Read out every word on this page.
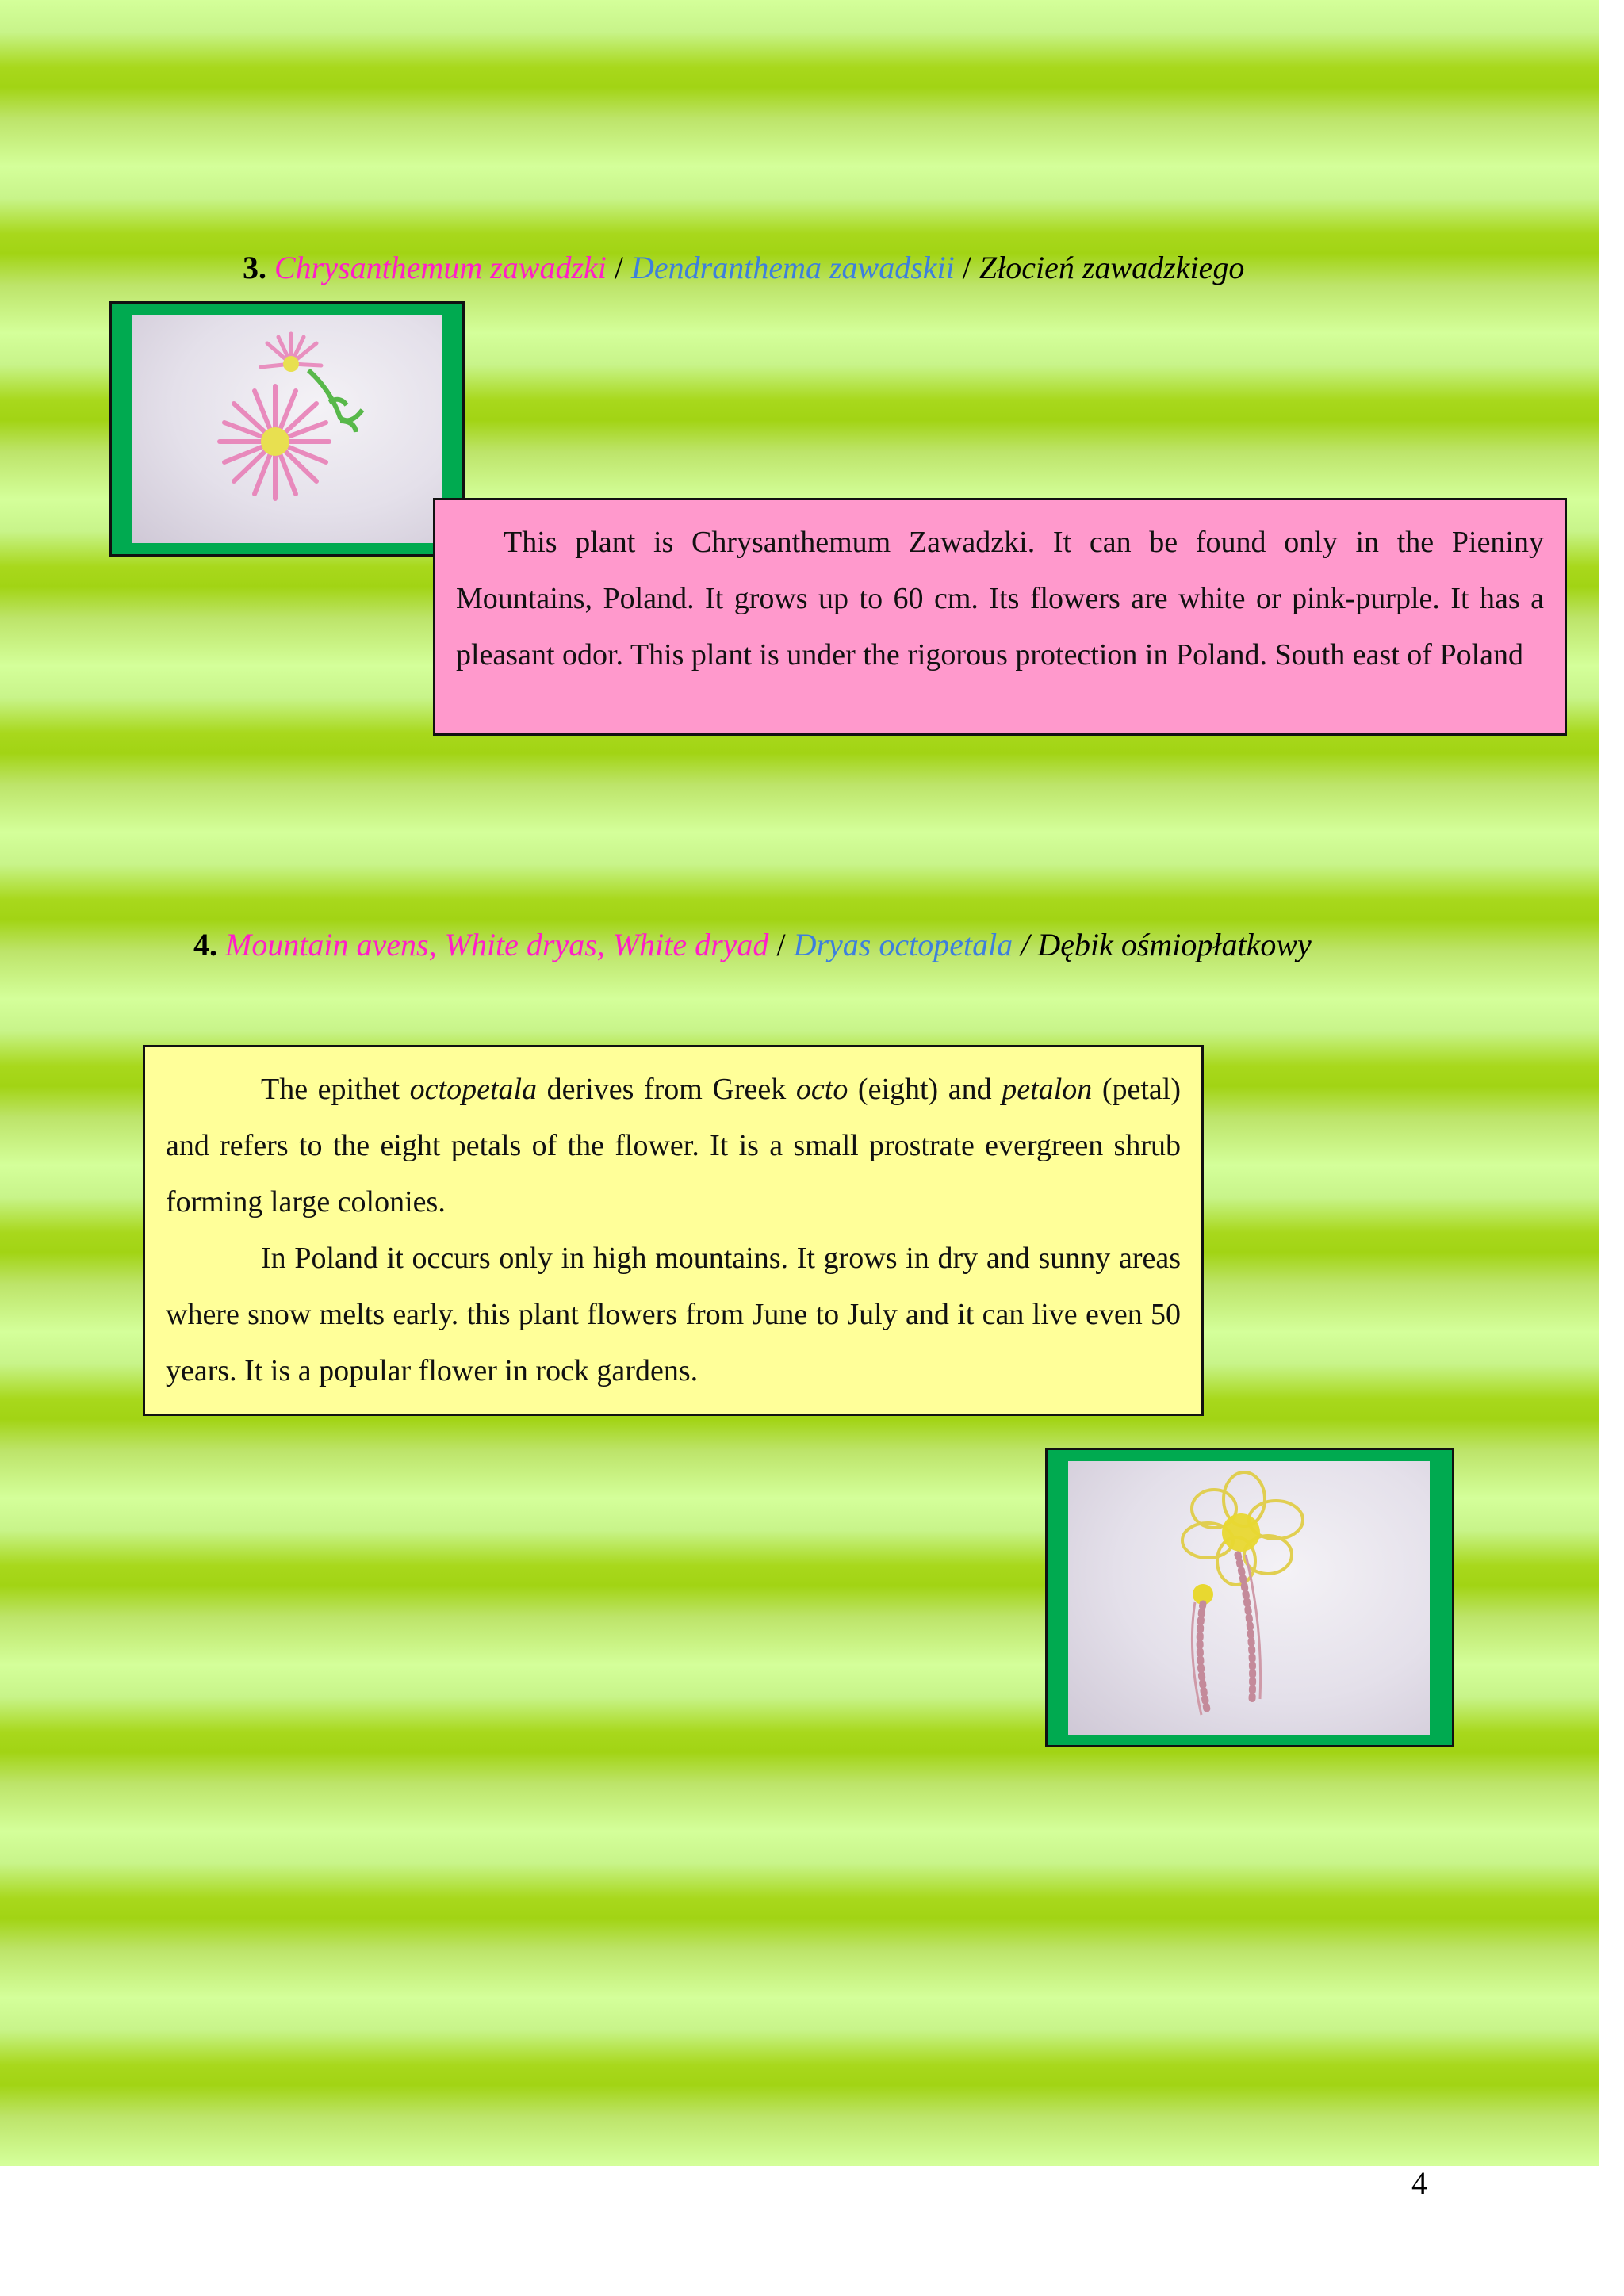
3. Chrysanthemum zawadzki / Dendranthema zawadskii / Złocień zawadzkiego

This plant is Chrysanthemum Zawadzki. It can be found only in the Pieniny Mountains, Poland. It grows up to 60 cm. Its flowers are white or pink-purple. It has a pleasant odor. This plant is under the rigorous protection in Poland. South east of Poland

4. Mountain avens, White dryas, White dryad / Dryas octopetala / Dębik ośmiopłatkowy

The epithet octopetala derives from Greek octo (eight) and petalon (petal) and refers to the eight petals of the flower. It is a small prostrate evergreen shrub forming large colonies.

In Poland it occurs only in high mountains. It grows in dry and sunny areas where snow melts early. this plant flowers from June to July and it can live even 50 years. It is a popular flower in rock gardens.

4
